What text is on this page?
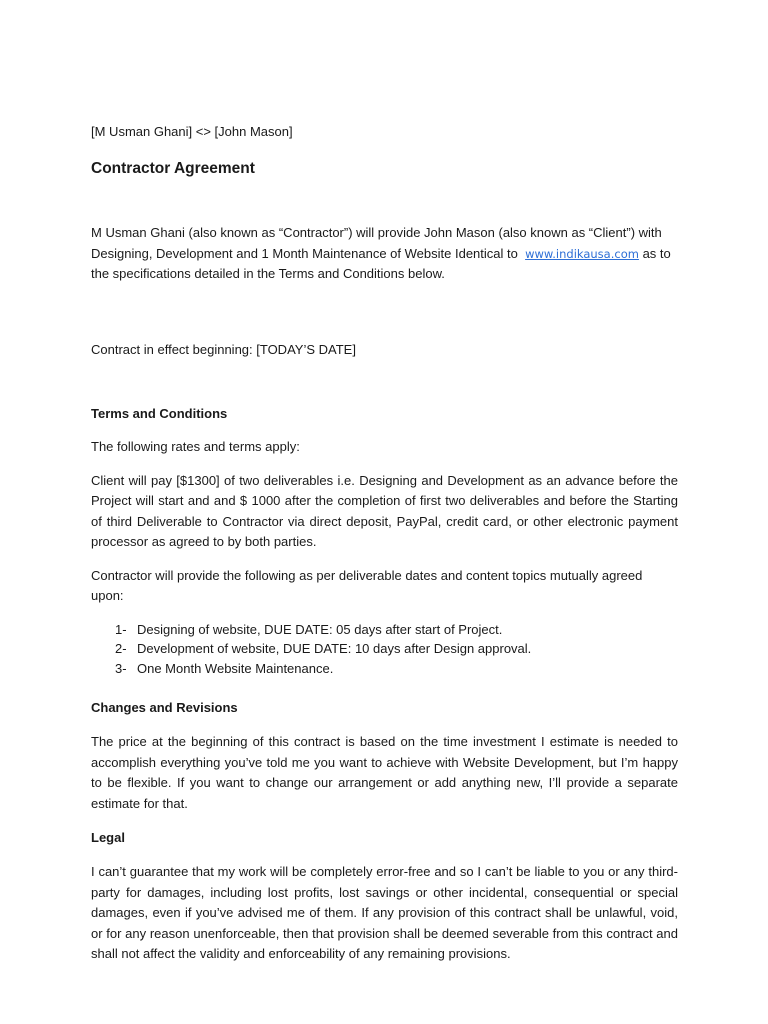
[M Usman Ghani] <> [John Mason]

Contractor Agreement

M Usman Ghani (also known as “Contractor”) will provide John Mason (also known as “Client”) with Designing, Development and 1 Month Maintenance of Website Identical to www.indikausa.com as to the specifications detailed in the Terms and Conditions below.

Contract in effect beginning: [TODAY’S DATE]

Terms and Conditions

The following rates and terms apply:

Client will pay [$1300] of two deliverables i.e. Designing and Development as an advance before the Project will start and and $ 1000 after the completion of first two deliverables and before the Starting of third Deliverable to Contractor via direct deposit, PayPal, credit card, or other electronic payment processor as agreed to by both parties.

Contractor will provide the following as per deliverable dates and content topics mutually agreed upon:

1- Designing of website, DUE DATE: 05 days after start of Project.
2- Development of website, DUE DATE: 10 days after Design approval.
3- One Month Website Maintenance.
Changes and Revisions

The price at the beginning of this contract is based on the time investment I estimate is needed to accomplish everything you’ve told me you want to achieve with Website Development, but I’m happy to be flexible. If you want to change our arrangement or add anything new, I’ll provide a separate estimate for that.

Legal

I can’t guarantee that my work will be completely error-free and so I can’t be liable to you or any third-party for damages, including lost profits, lost savings or other incidental, consequential or special damages, even if you’ve advised me of them. If any provision of this contract shall be unlawful, void, or for any reason unenforceable, then that provision shall be deemed severable from this contract and shall not affect the validity and enforceability of any remaining provisions.
